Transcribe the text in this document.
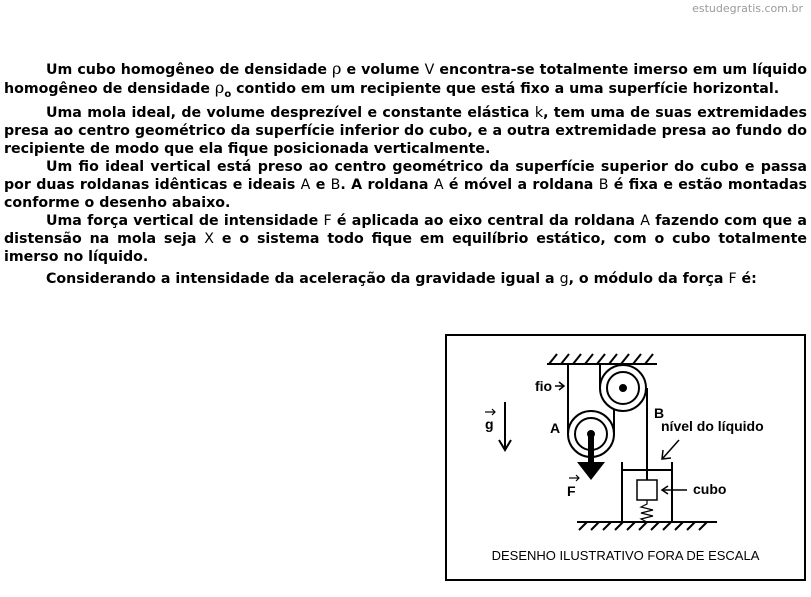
estudegratis.com.br

Um cubo homogêneo de densidade ρ e volume V encontra-se totalmente imerso em um líquido homogêneo de densidade $\rho_o$ contido em um recipiente que está fixo a uma superfície horizontal.

Uma mola ideal, de volume desprezível e constante elástica k, tem uma de suas extremidades presa ao centro geométrico da superfície inferior do cubo, e a outra extremidade presa ao fundo do recipiente de modo que ela fique posicionada verticalmente.

Um fio ideal vertical está preso ao centro geométrico da superfície superior do cubo e passa por duas roldanas idênticas e ideais A e B. A roldana A é móvel a roldana B é fixa e estão montadas conforme o desenho abaixo.

Uma força vertical de intensidade F é aplicada ao eixo central da roldana A fazendo com que a distensão na mola seja X e o sistema todo fique em equilíbrio estático, com o cubo totalmente imerso no líquido.

Considerando a intensidade da aceleração da gravidade igual a g, o módulo da força F é:

fio
B
A
g	nível do líquido
F	cubo
DESENHO ILUSTRATIVO FORA DE ESCALA
